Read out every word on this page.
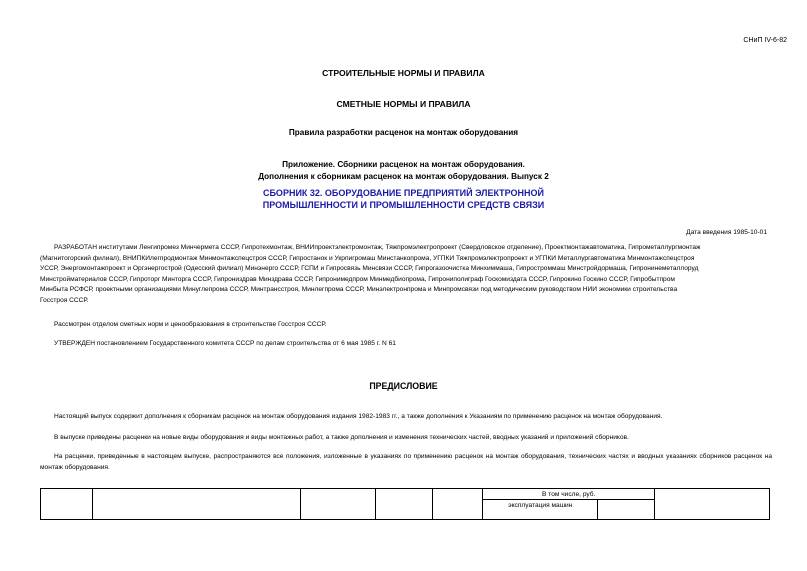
СНиП IV-6-82
СТРОИТЕЛЬНЫЕ НОРМЫ И ПРАВИЛА
СМЕТНЫЕ НОРМЫ И ПРАВИЛА
Правила разработки расценок на монтаж оборудования
Приложение. Сборники расценок на монтаж оборудования.
Дополнения к сборникам расценок на монтаж оборудования. Выпуск 2
СБОРНИК 32. ОБОРУДОВАНИЕ ПРЕДПРИЯТИЙ ЭЛЕКТРОННОЙ
ПРОМЫШЛЕННОСТИ И ПРОМЫШЛЕННОСТИ СРЕДСТВ СВЯЗИ
Дата введения 1985-10-01
РАЗРАБОТАН институтами Ленгипромез Минчермета СССР, Гипротехмонтаж, ВНИИпроектэлектромонтаж, Тяжпромэлектропроект (Свердловское отделение), Проектмонтажавтоматика, Гипрометаллургмонтаж
(Магнитогорский филиал), ВНИПКИлегпродмонтаж Минмонтажспецстроя СССР, Гипростанок и Укрпигромаш Минстанкопрома, УГПКИ Тяжпромэлектропроект и УГПКИ Металлургавтоматика Минмонтажспецстроя
УССР, Энергомонтажпроект и Оргэнергострой (Одесский филиал) Минэнерго СССР, ГСПИ и Гипросвязь Минсвязи СССР, Гипрогазоочистка Минхиммаша, Гипростроммаш Минстройдормаша, Гипронинеметаллоруд
Минстройматериалов СССР, Гипроторг Минторга СССР, Гипрониздрав Минздрава СССР, Гипронимедпром Минмедбиопрома, Гипрониполиграф Госкомиздата СССР, Гипрокино Госкино СССР, Гипробытпром
Минбыта РСФСР, проектными организациями Минуглепрома СССР, Минтрансстроя, Минлегпрома СССР, Минэлектронпрома и Минпромсвязи под методическим руководством НИИ экономики строительства
Госстроя СССР.
Рассмотрен отделом сметных норм и ценообразования в строительстве Госстроя СССР.
УТВЕРЖДЕН постановлением Государственного комитета СССР по делам строительства от 6 мая 1985 г. N 61
ПРЕДИСЛОВИЕ
Настоящий выпуск содержит дополнения к сборникам расценок на монтаж оборудования издания 1982-1983 гг., а также дополнения к Указаниям по применению расценок на монтаж оборудования.
В выпуске приведены расценки на новые виды оборудования и виды монтажных работ, а также дополнения и изменения технических частей, вводных указаний и приложений сборников.
На расценки, приведенные в настоящем выпуске, распространяются все положения, изложенные в указаниях по применению расценок на монтаж оборудования, технических частях и вводных указаниях сборников расценок на монтаж оборудования.
					В том числе, руб.		
					эксплуатация машин		
